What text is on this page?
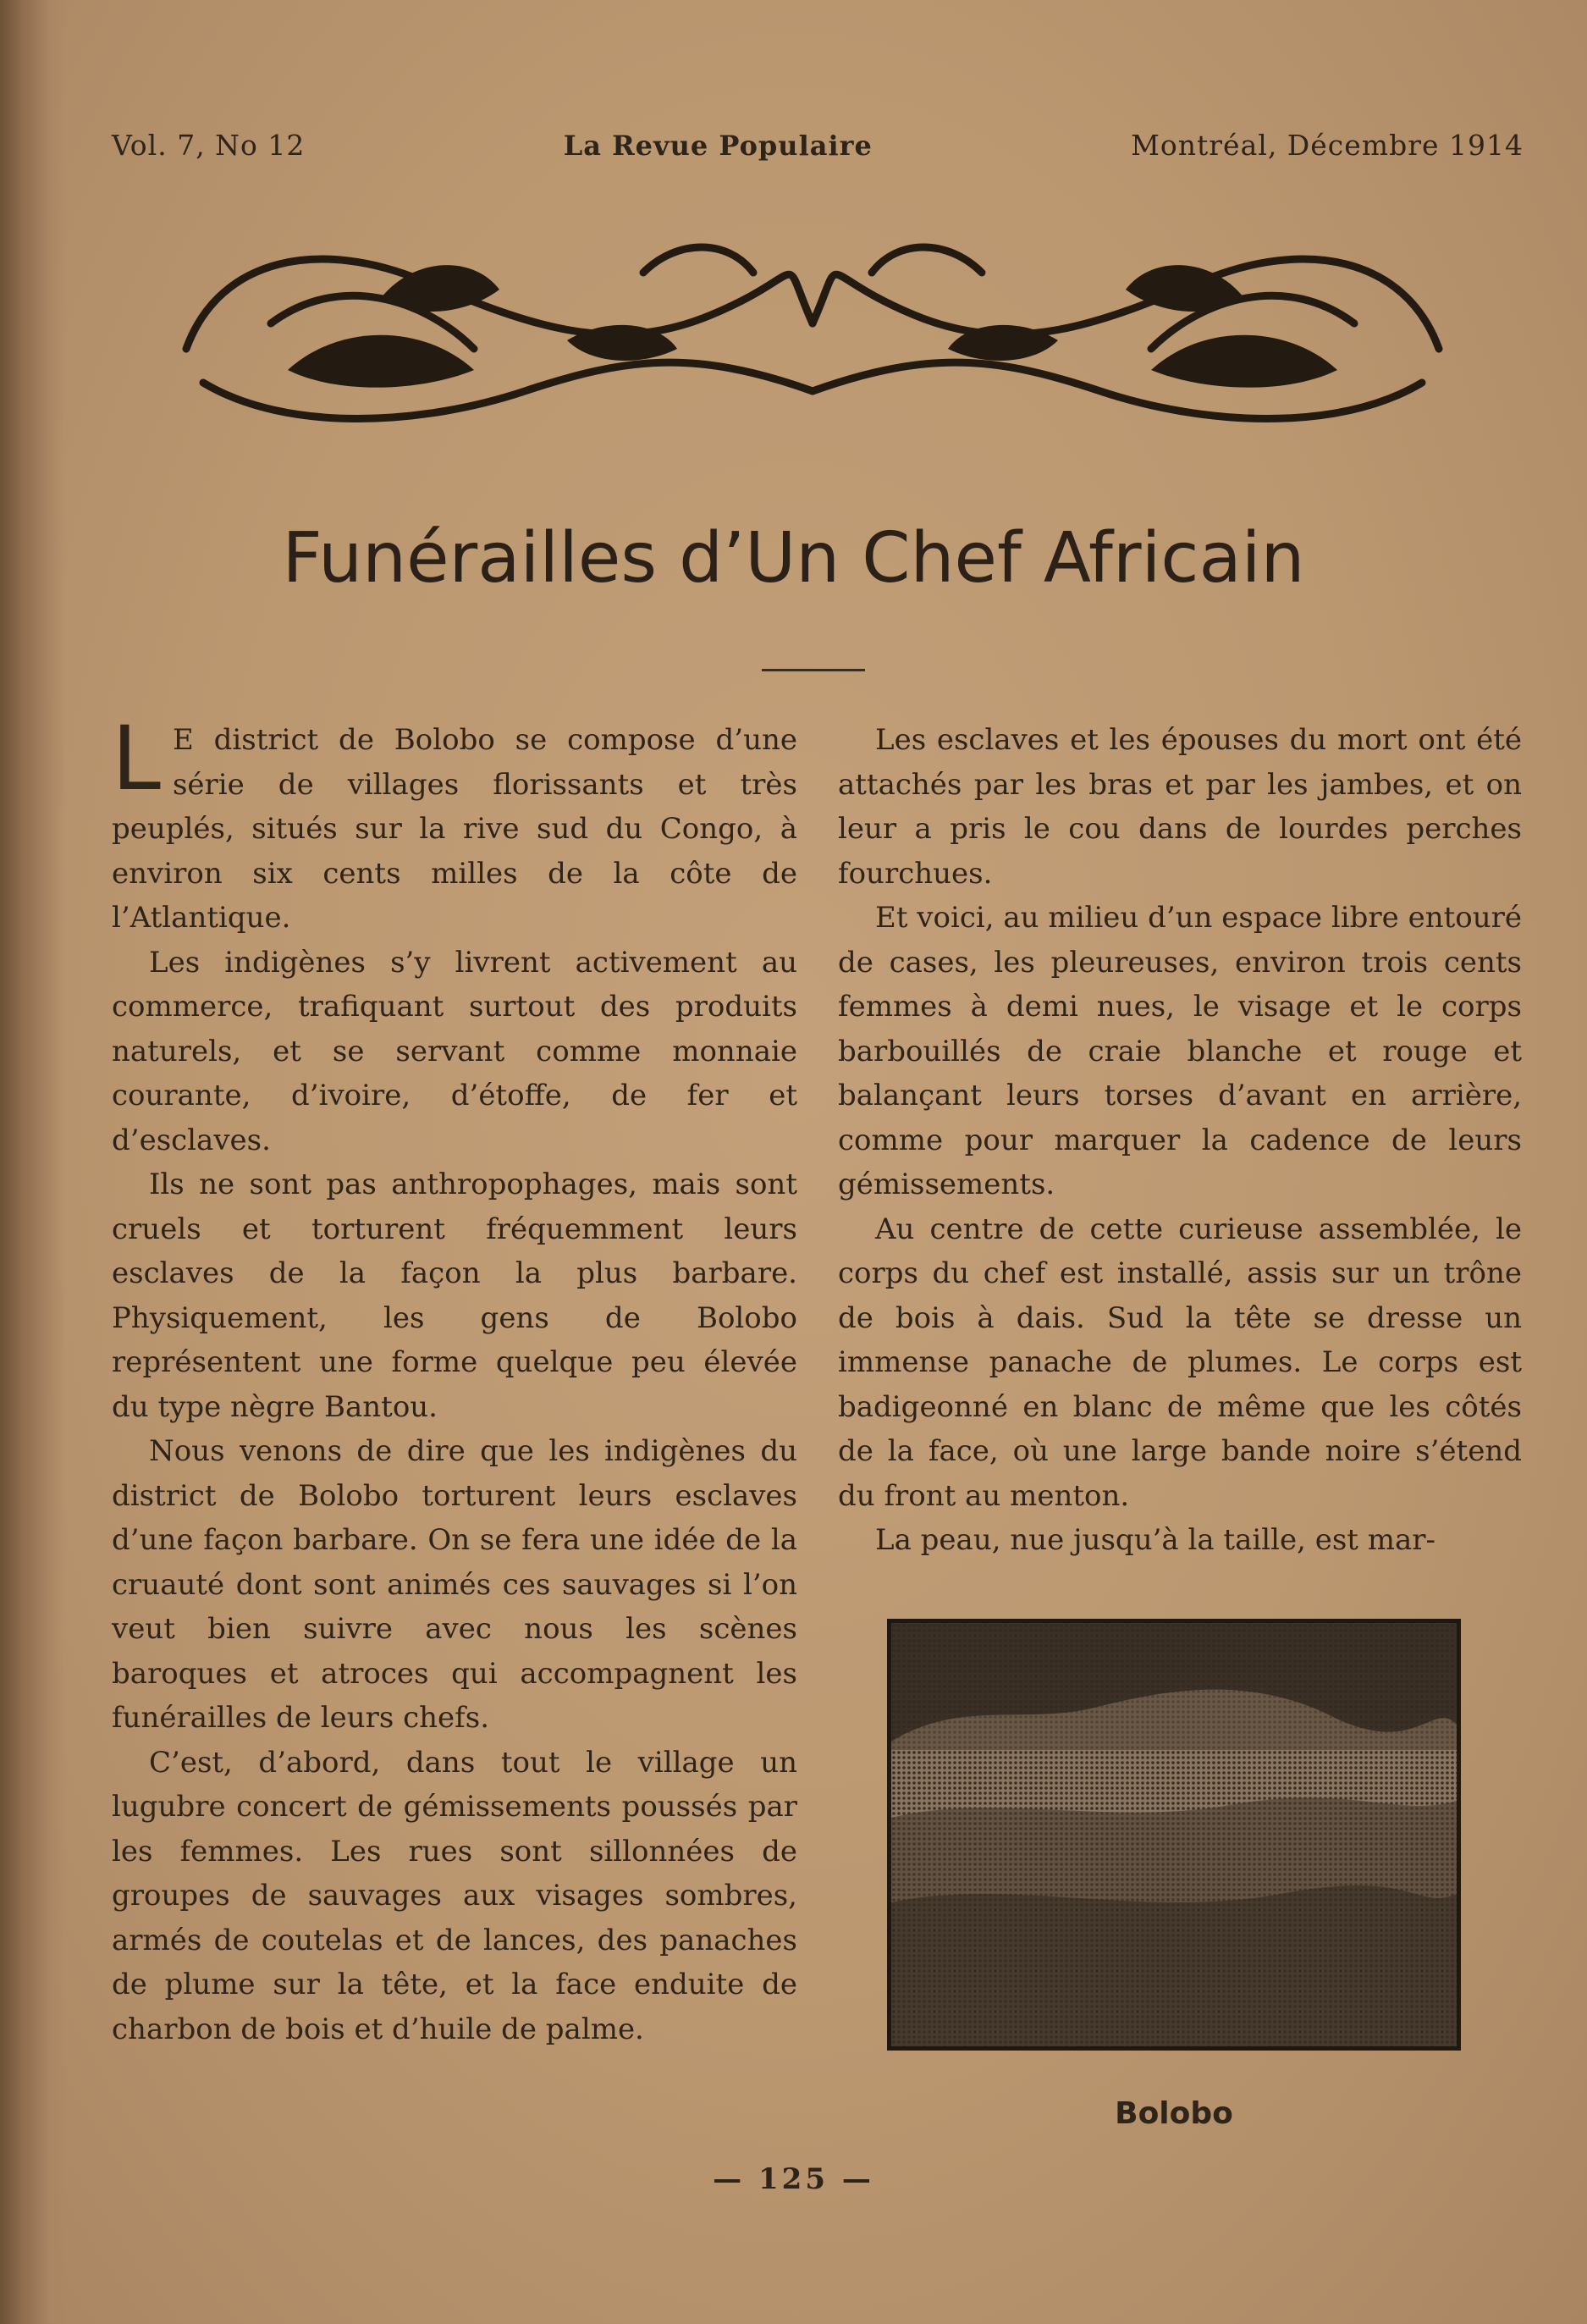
Vol. 7, No 12	La Revue Populaire	Montréal, Décembre 1914
Funérailles d’Un Chef Africain

L E district de Bolobo se compose d’une série de villages florissants et très peuplés, situés sur la rive sud du Congo, à environ six cents milles de la côte de l’Atlantique.

Les indigènes s’y livrent activement au commerce, trafiquant surtout des produits naturels, et se servant comme monnaie courante, d’ivoire, d’étoffe, de fer et d’esclaves.

Ils ne sont pas anthropophages, mais sont cruels et torturent fréquemment leurs esclaves de la façon la plus barbare. Physiquement, les gens de Bolobo représentent une forme quelque peu élevée du type nègre Bantou.

Nous venons de dire que les indigènes du district de Bolobo torturent leurs esclaves d’une façon barbare. On se fera une idée de la cruauté dont sont animés ces sauvages si l’on veut bien suivre avec nous les scènes baroques et atroces qui accompagnent les funérailles de leurs chefs.

C’est, d’abord, dans tout le village un lugubre concert de gémissements poussés par les femmes. Les rues sont sillonnées de groupes de sauvages aux visages sombres, armés de coutelas et de lances, des panaches de plume sur la tête, et la face enduite de charbon de bois et d’huile de palme.

Les esclaves et les épouses du mort ont été attachés par les bras et par les jambes, et on leur a pris le cou dans de lourdes perches fourchues.

Et voici, au milieu d’un espace libre entouré de cases, les pleureuses, environ trois cents femmes à demi nues, le visage et le corps barbouillés de craie blanche et rouge et balançant leurs torses d’avant en arrière, comme pour marquer la cadence de leurs gémissements.

Au centre de cette curieuse assemblée, le corps du chef est installé, assis sur un trône de bois à dais. Sud la tête se dresse un immense panache de plumes. Le corps est badigeonné en blanc de même que les côtés de la face, où une large bande noire s’étend du front au menton.

La peau, nue jusqu’à la taille, est mar-

Bolobo
— 125 —
